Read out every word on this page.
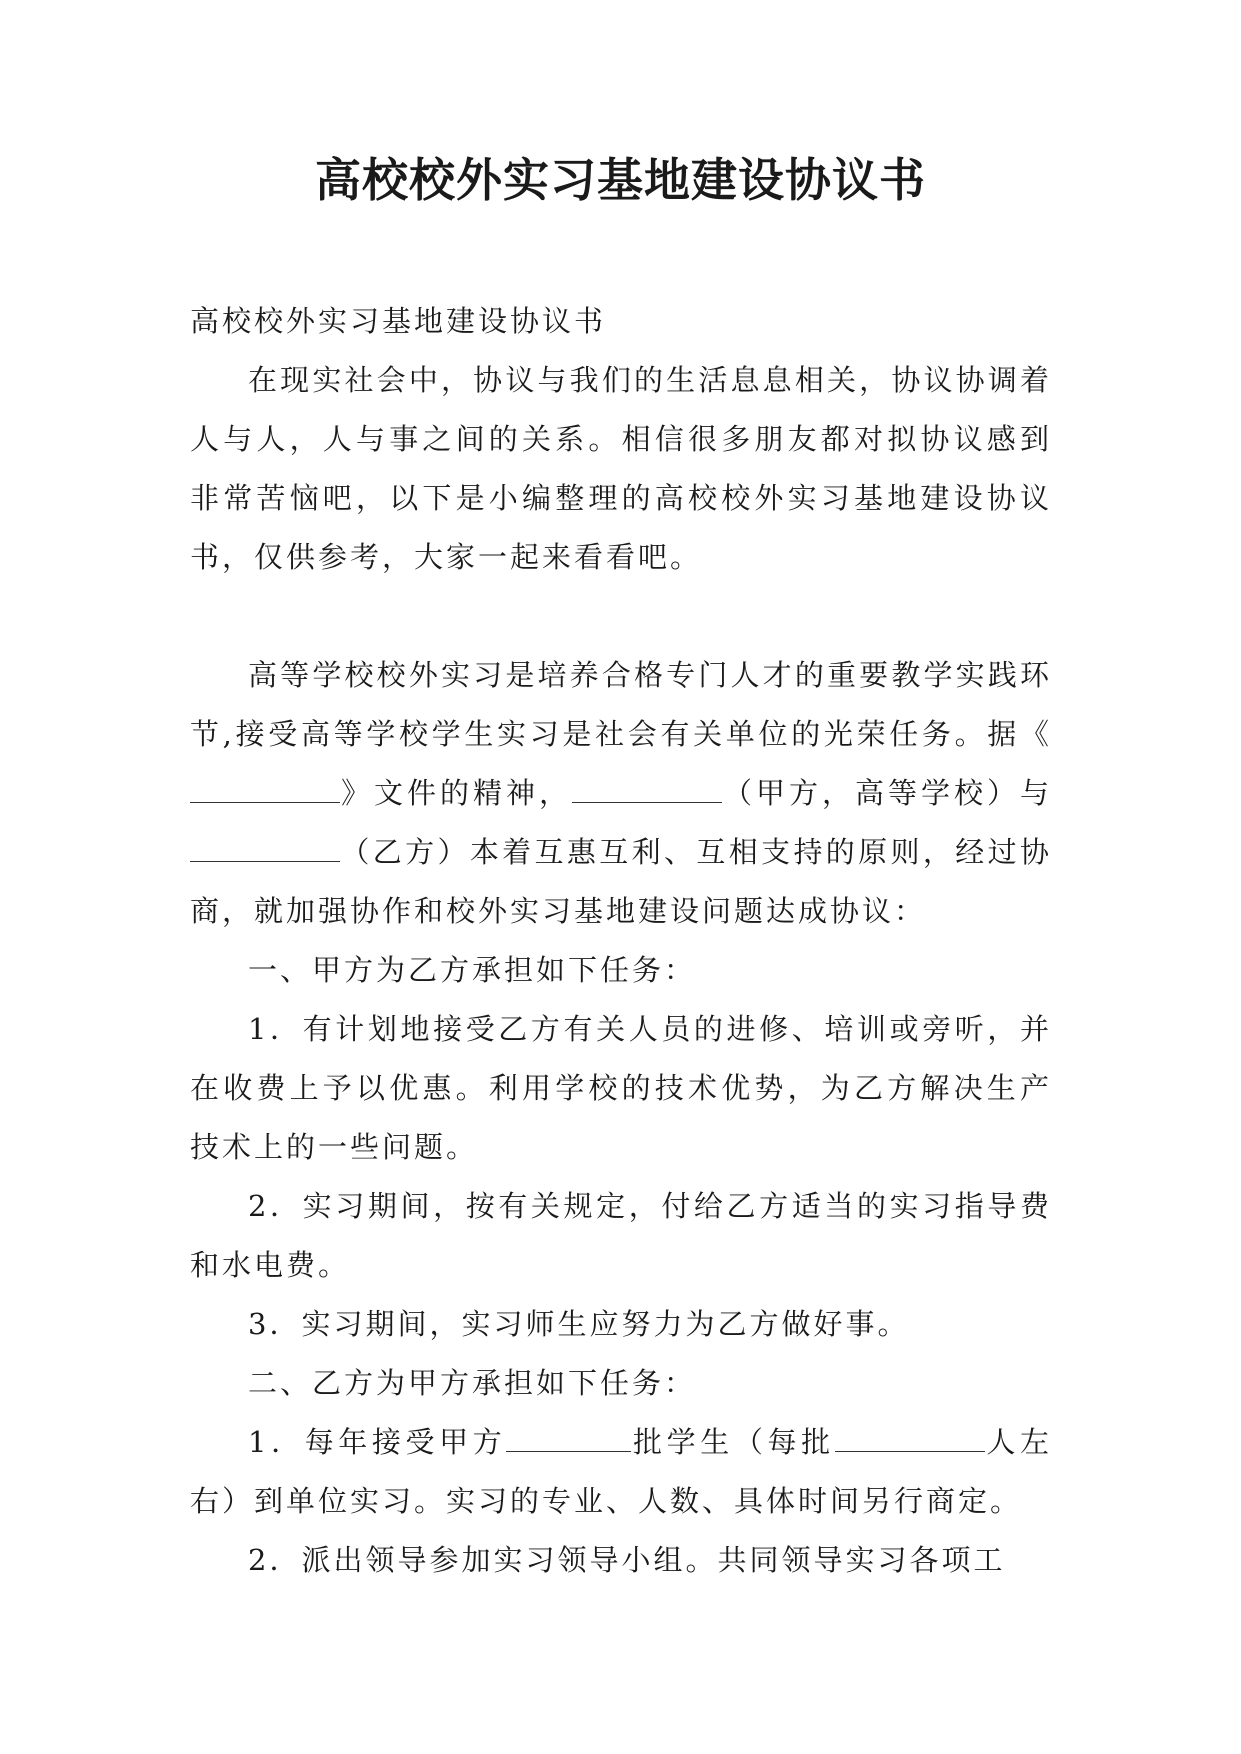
高校校外实习基地建设协议书

高校校外实习基地建设协议书

在现实社会中，协议与我们的生活息息相关，协议协调着人与人，人与事之间的关系。相信很多朋友都对拟协议感到非常苦恼吧，以下是小编整理的高校校外实习基地建设协议书，仅供参考，大家一起来看看吧。

高等学校校外实习是培养合格专门人才的重要教学实践环节,接受高等学校学生实习是社会有关单位的光荣任务。据《》文件的精神，	（甲方，高等学校）与（乙方）本着互惠互利、互相支持的原则，经过协商，就加强协作和校外实习基地建设问题达成协议：

一、甲方为乙方承担如下任务：

1．有计划地接受乙方有关人员的进修、培训或旁听，并在收费上予以优惠。利用学校的技术优势，为乙方解决生产技术上的一些问题。

2．实习期间，按有关规定，付给乙方适当的实习指导费和水电费。

3．实习期间，实习师生应努力为乙方做好事。

二、乙方为甲方承担如下任务：

1．每年接受甲方	批学生（每批	人左右）到单位实习。实习的专业、人数、具体时间另行商定。

2．派出领导参加实习领导小组。共同领导实习各项工
